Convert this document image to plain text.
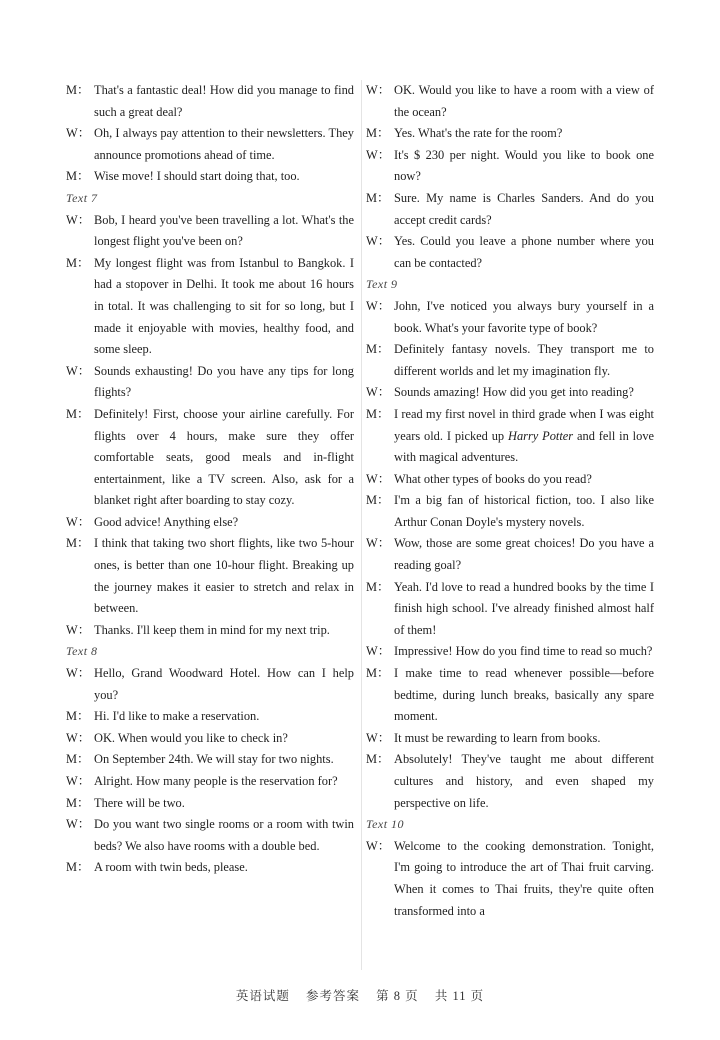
M： That's a fantastic deal! How did you manage to find such a great deal?
W： Oh, I always pay attention to their newsletters. They announce promotions ahead of time.
M： Wise move! I should start doing that, too.
Text 7
W： Bob, I heard you've been travelling a lot. What's the longest flight you've been on?
M： My longest flight was from Istanbul to Bangkok. I had a stopover in Delhi. It took me about 16 hours in total. It was challenging to sit for so long, but I made it enjoyable with movies, healthy food, and some sleep.
W： Sounds exhausting! Do you have any tips for long flights?
M： Definitely! First, choose your airline carefully. For flights over 4 hours, make sure they offer comfortable seats, good meals and in-flight entertainment, like a TV screen. Also, ask for a blanket right after boarding to stay cozy.
W： Good advice! Anything else?
M： I think that taking two short flights, like two 5-hour ones, is better than one 10-hour flight. Breaking up the journey makes it easier to stretch and relax in between.
W： Thanks. I'll keep them in mind for my next trip.
Text 8
W： Hello, Grand Woodward Hotel. How can I help you?
M： Hi. I'd like to make a reservation.
W： OK. When would you like to check in?
M： On September 24th. We will stay for two nights.
W： Alright. How many people is the reservation for?
M： There will be two.
W： Do you want two single rooms or a room with twin beds? We also have rooms with a double bed.
M： A room with twin beds, please.
W： OK. Would you like to have a room with a view of the ocean?
M： Yes. What's the rate for the room?
W： It's $ 230 per night. Would you like to book one now?
M： Sure. My name is Charles Sanders. And do you accept credit cards?
W： Yes. Could you leave a phone number where you can be contacted?
Text 9
W： John, I've noticed you always bury yourself in a book. What's your favorite type of book?
M： Definitely fantasy novels. They transport me to different worlds and let my imagination fly.
W： Sounds amazing! How did you get into reading?
M： I read my first novel in third grade when I was eight years old. I picked up Harry Potter and fell in love with magical adventures.
W： What other types of books do you read?
M： I'm a big fan of historical fiction, too. I also like Arthur Conan Doyle's mystery novels.
W： Wow, those are some great choices! Do you have a reading goal?
M： Yeah. I'd love to read a hundred books by the time I finish high school. I've already finished almost half of them!
W： Impressive! How do you find time to read so much?
M： I make time to read whenever possible—before bedtime, during lunch breaks, basically any spare moment.
W： It must be rewarding to learn from books.
M： Absolutely! They've taught me about different cultures and history, and even shaped my perspective on life.
Text 10
W： Welcome to the cooking demonstration. Tonight, I'm going to introduce the art of Thai fruit carving. When it comes to Thai fruits, they're quite often transformed into a
英语试题 参考答案 第 8 页 共 11 页
